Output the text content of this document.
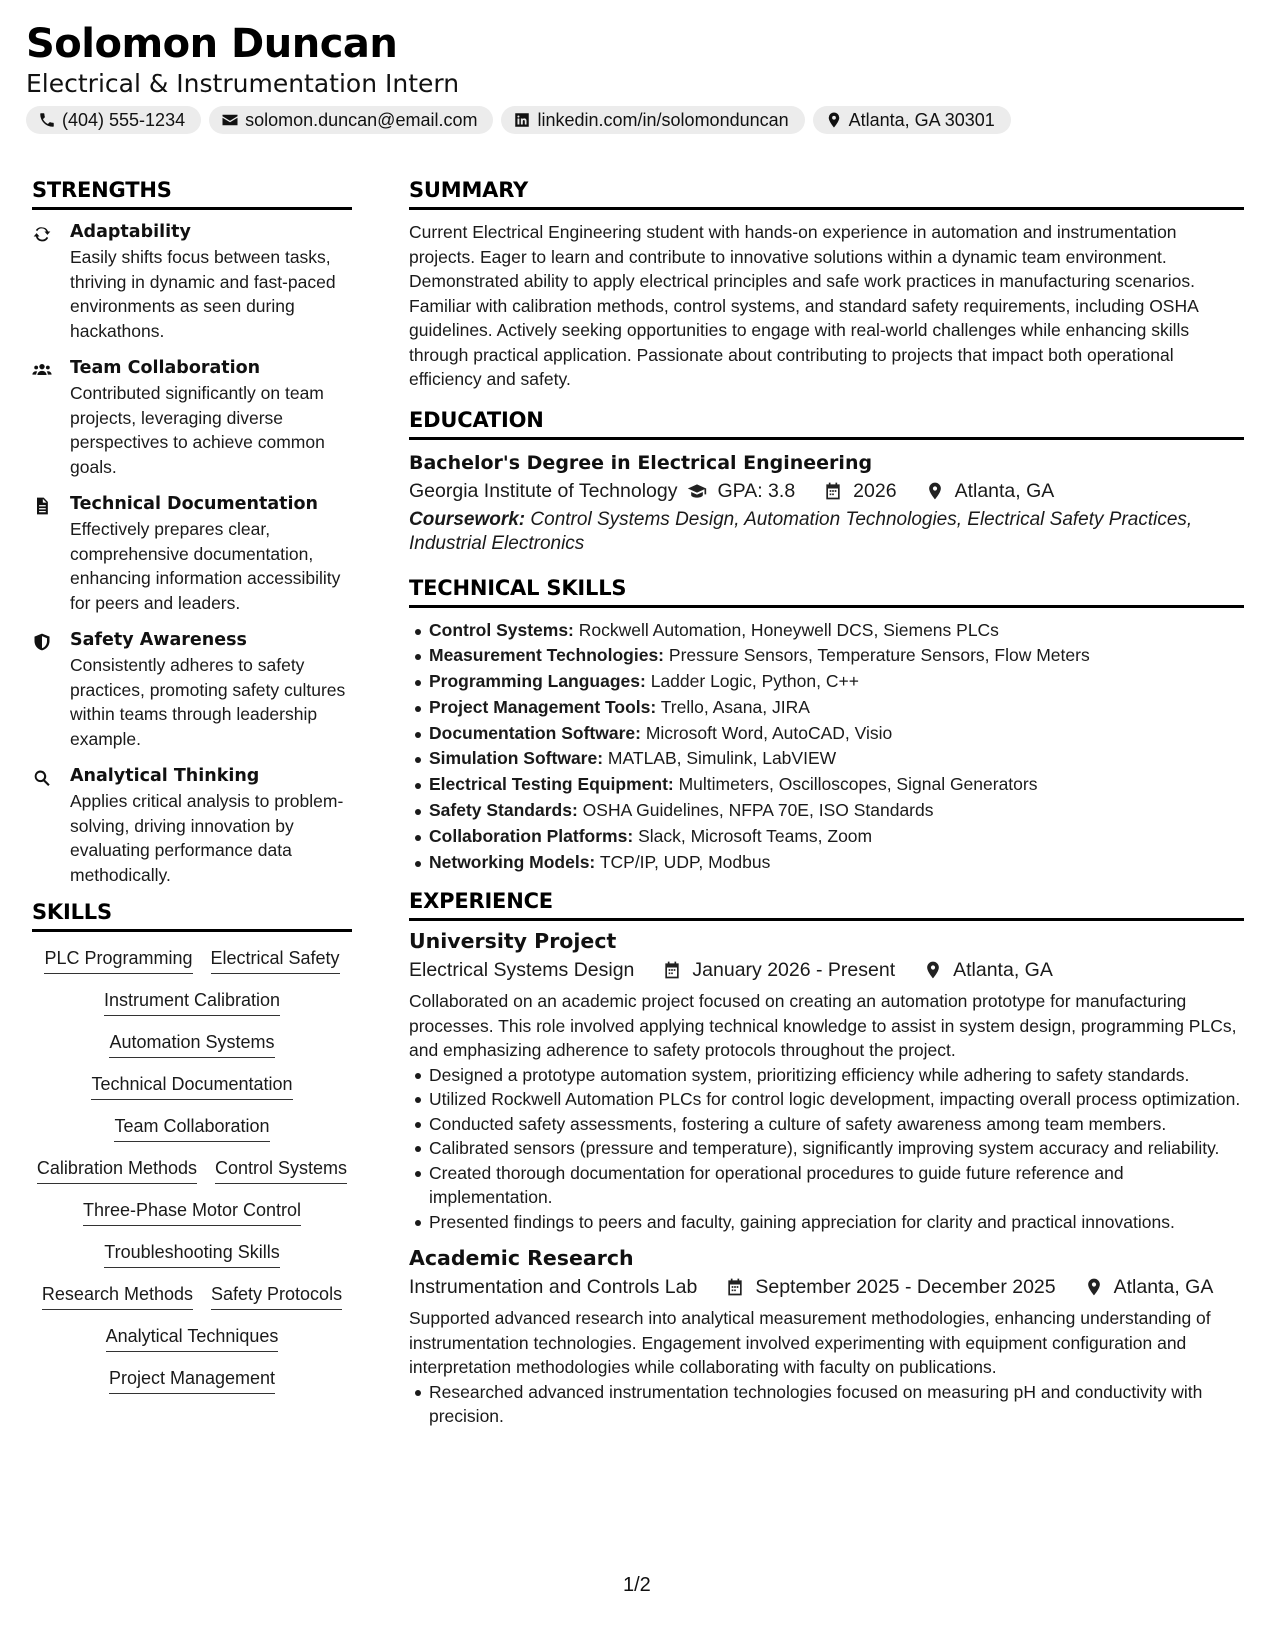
Solomon Duncan
Electrical & Instrumentation Intern
(404) 555-1234	solomon.duncan@email.com	linkedin.com/in/solomonduncan	Atlanta, GA 30301
STRENGTHS
Adaptability
Easily shifts focus between tasks, thriving in dynamic and fast-paced environments as seen during hackathons.
Team Collaboration
Contributed significantly on team projects, leveraging diverse perspectives to achieve common goals.
Technical Documentation
Effectively prepares clear, comprehensive documentation, enhancing information accessibility for peers and leaders.
Safety Awareness
Consistently adheres to safety practices, promoting safety cultures within teams through leadership example.
Analytical Thinking
Applies critical analysis to problem-solving, driving innovation by evaluating performance data methodically.
SKILLS
PLC Programming Electrical Safety
Instrument Calibration
Automation Systems
Technical Documentation
Team Collaboration
Calibration Methods Control Systems
Three-Phase Motor Control
Troubleshooting Skills
Research Methods Safety Protocols
Analytical Techniques
Project Management
SUMMARY
Current Electrical Engineering student with hands-on experience in automation and instrumentation projects. Eager to learn and contribute to innovative solutions within a dynamic team environment. Demonstrated ability to apply electrical principles and safe work practices in manufacturing scenarios. Familiar with calibration methods, control systems, and standard safety requirements, including OSHA guidelines. Actively seeking opportunities to engage with real-world challenges while enhancing skills through practical application. Passionate about contributing to projects that impact both operational efficiency and safety.
EDUCATION
Bachelor's Degree in Electrical Engineering
Georgia Institute of Technology GPA: 3.8	2026	Atlanta, GA
Coursework: Control Systems Design, Automation Technologies, Electrical Safety Practices, Industrial Electronics
TECHNICAL SKILLS
Control Systems: Rockwell Automation, Honeywell DCS, Siemens PLCs
Measurement Technologies: Pressure Sensors, Temperature Sensors, Flow Meters
Programming Languages: Ladder Logic, Python, C++
Project Management Tools: Trello, Asana, JIRA
Documentation Software: Microsoft Word, AutoCAD, Visio
Simulation Software: MATLAB, Simulink, LabVIEW
Electrical Testing Equipment: Multimeters, Oscilloscopes, Signal Generators
Safety Standards: OSHA Guidelines, NFPA 70E, ISO Standards
Collaboration Platforms: Slack, Microsoft Teams, Zoom
Networking Models: TCP/IP, UDP, Modbus
EXPERIENCE
University Project
Electrical Systems Design	January 2026 - Present	Atlanta, GA
Collaborated on an academic project focused on creating an automation prototype for manufacturing processes. This role involved applying technical knowledge to assist in system design, programming PLCs, and emphasizing adherence to safety protocols throughout the project.
Designed a prototype automation system, prioritizing efficiency while adhering to safety standards.
Utilized Rockwell Automation PLCs for control logic development, impacting overall process optimization.
Conducted safety assessments, fostering a culture of safety awareness among team members.
Calibrated sensors (pressure and temperature), significantly improving system accuracy and reliability.
Created thorough documentation for operational procedures to guide future reference and implementation.
Presented findings to peers and faculty, gaining appreciation for clarity and practical innovations.
Academic Research
Instrumentation and Controls Lab	September 2025 - December 2025	Atlanta, GA
Supported advanced research into analytical measurement methodologies, enhancing understanding of instrumentation technologies. Engagement involved experimenting with equipment configuration and interpretation methodologies while collaborating with faculty on publications.
Researched advanced instrumentation technologies focused on measuring pH and conductivity with precision.
1/2
